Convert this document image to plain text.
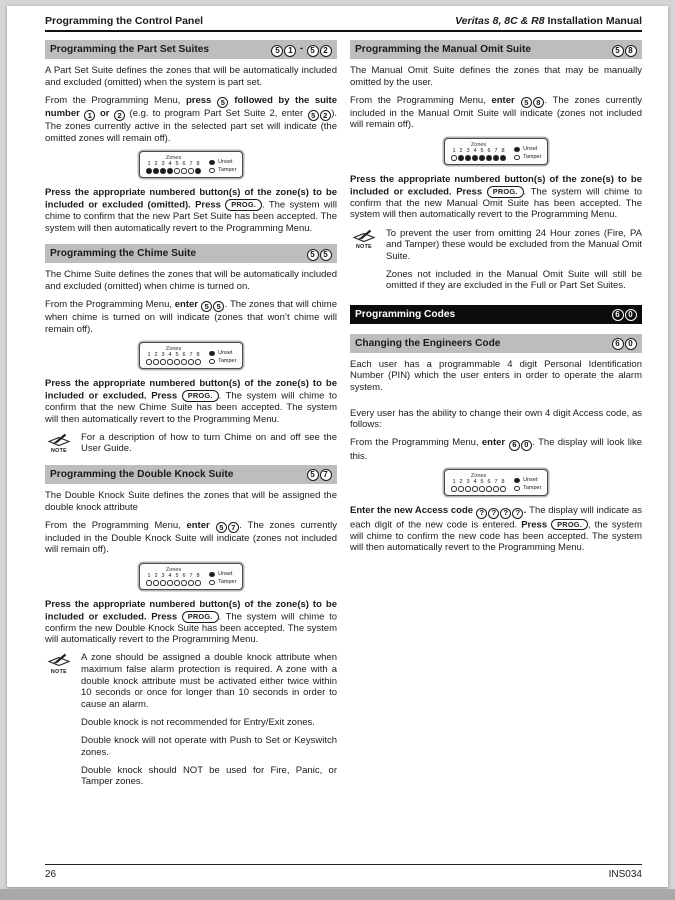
Programming the Control Panel	Veritas 8, 8C & R8 Installation Manual
Programming the Part Set Suites	5 1 - 5 2

A Part Set Suite defines the zones that will be automatically included and excluded (omitted) when the system is part set.

From the Programming Menu, press 5 followed by the suite number 1 or 2 (e.g. to program Part Set Suite 2, enter 5 2 ). The zones currently active in the selected part set will indicate (the omitted zones will remain off).

Zones
1 2 3 4 5 6 7 8	Unset
Tamper

Press the appropriate numbered button(s) of the zone(s) to be included or excluded (omitted). Press PROG. . The system will chime to confirm that the new Part Set Suite has been accepted. The system will then automatically revert to the Programming Menu.

Programming the Chime Suite	5 5

The Chime Suite defines the zones that will be automatically included and excluded (omitted) when chime is turned on.

From the Programming Menu, enter 5 5 . The zones that will chime when chime is turned on will indicate (zones that won’t chime will remain off).

Zones
1 2 3 4 5 6 7 8	Unset
Tamper

Press the appropriate numbered button(s) of the zone(s) to be included or excluded. Press PROG. . The system will chime to confirm that the new Chime Suite has been accepted. The system will then automatically revert to the Programming Menu.

NOTE

For a description of how to turn Chime on and off see the User Guide.

Programming the Double Knock Suite	5 7

The Double Knock Suite defines the zones that will be assigned the double knock attribute

From the Programming Menu, enter 5 7 . The zones currently included in the Double Knock Suite will indicate (zones not included will remain off).

Zones
1 2 3 4 5 6 7 8	Unset
Tamper

Press the appropriate numbered button(s) of the zone(s) to be included or excluded. Press PROG. . The system will chime to confirm the new Double Knock Suite has been accepted. The system will automatically revert to the Programming Menu.

NOTE

A zone should be assigned a double knock attribute when maximum false alarm protection is required. A zone with a double knock attribute must be activated either twice within 10 seconds or once for longer than 10 seconds in order to cause an alarm.

Double knock is not recommended for Entry/Exit zones.

Double knock will not operate with Push to Set or Keyswitch zones.

Double knock should NOT be used for Fire, Panic, or Tamper zones.

Programming the Manual Omit Suite	5 8

The Manual Omit Suite defines the zones that may be manually omitted by the user.

From the Programming Menu, enter 5 8 . The zones currently included in the Manual Omit Suite will indicate (zones not included will remain off).

Zones
1 2 3 4 5 6 7 8	Unset
Tamper

Press the appropriate numbered button(s) of the zone(s) to be included or excluded. Press PROG. . The system will chime to confirm that the new Manual Omit Suite has been accepted. The system will then automatically revert to the Programming Menu.

NOTE

To prevent the user from omitting 24 Hour zones (Fire, PA and Tamper) these would be excluded from the Manual Omit Suite.

Zones not included in the Manual Omit Suite will still be omitted if they are excluded in the Full or Part Set Suites.

Programming Codes	6 0
Changing the Engineers Code	6 0

Each user has a programmable 4 digit Personal Identification Number (PIN) which the user enters in order to operate the alarm system.

Every user has the ability to change their own 4 digit Access code, as follows:

From the Programming Menu, enter 6 0 . The display will look like this.

Zones
1 2 3 4 5 6 7 8	Unset
Tamper

Enter the new Access code ? ? ? ? . The display will indicate as each digit of the new code is entered. Press PROG. , the system will chime to confirm the new code has been accepted. The system will then automatically revert to the Programming Menu.

26	INS034
